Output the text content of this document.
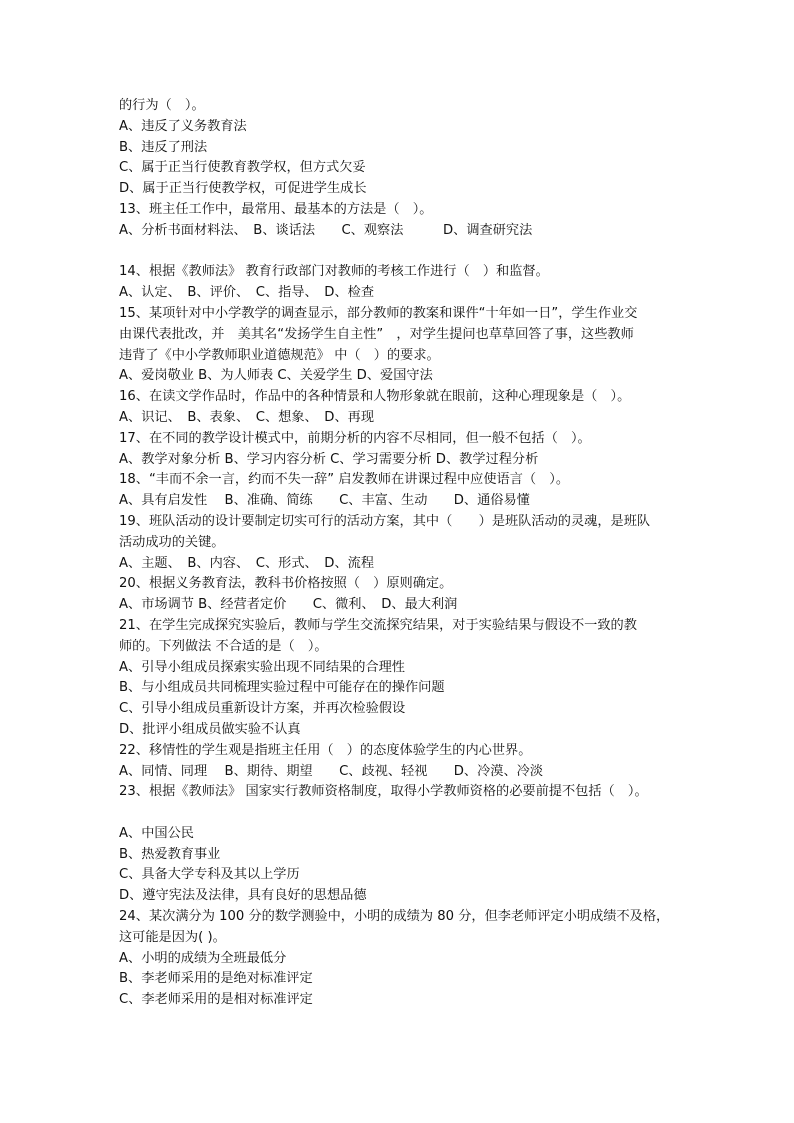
的行为（　）。
A、违反了义务教育法
B、违反了刑法
C、属于正当行使教育教学权，但方式欠妥
D、属于正当行使教学权，可促进学生成长
13、班主任工作中，最常用、最基本的方法是（　）。
A、分析书面材料法、　B、谈话法　　C、观察法　　　D、调查研究法
14、根据《教师法》 教育行政部门对教师的考核工作进行（　）和监督。
A、认定、　B、评价、　C、指导、　D、检查
15、某项针对中小学教学的调查显示，部分教师的教案和课件“十年如一日”，学生作业交
由课代表批改，并　美其名“发扬学生自主性”　，对学生提问也草草回答了事，这些教师
违背了《中小学教师职业道德规范》 中（　）的要求。
A、爱岗敬业 B、为人师表 C、关爱学生 D、爱国守法
16、在读文学作品时，作品中的各种情景和人物形象就在眼前，这种心理现象是（　）。
A、识记、　B、表象、　C、想象、　D、再现
17、在不同的教学设计模式中，前期分析的内容不尽相同，但一般不包括（　）。
A、教学对象分析 B、学习内容分析 C、学习需要分析 D、教学过程分析
18、“丰而不余一言，约而不失一辞” 启发教师在讲课过程中应使语言（　）。
A、具有启发性　 B、准确、简练　　C、丰富、生动　　D、通俗易懂
19、班队活动的设计要制定切实可行的活动方案，其中（　　）是班队活动的灵魂，是班队
活动成功的关键。
A、主题、　B、内容、　C、形式、　D、流程
20、根据义务教育法，教科书价格按照（　）原则确定。
A、市场调节 B、经营者定价　　C、微利、　D、最大利润
21、在学生完成探究实验后，教师与学生交流探究结果，对于实验结果与假设不一致的教
师的。下列做法 不合适的是（　）。
A、引导小组成员探索实验出现不同结果的合理性
B、与小组成员共同梳理实验过程中可能存在的操作问题
C、引导小组成员重新设计方案，并再次检验假设
D、批评小组成员做实验不认真
22、移情性的学生观是指班主任用（　）的态度体验学生的内心世界。
A、同情、同理　 B、期待、期望　　C、歧视、轻视　　D、冷漠、冷淡
23、根据《教师法》 国家实行教师资格制度，取得小学教师资格的必要前提不包括（　）。
A、中国公民
B、热爱教育事业
C、具备大学专科及其以上学历
D、遵守宪法及法律，具有良好的思想品德
24、某次满分为 100 分的数学测验中，小明的成绩为 80 分，但李老师评定小明成绩不及格，
这可能是因为( )。
A、小明的成绩为全班最低分
B、李老师采用的是绝对标准评定
C、李老师采用的是相对标准评定
